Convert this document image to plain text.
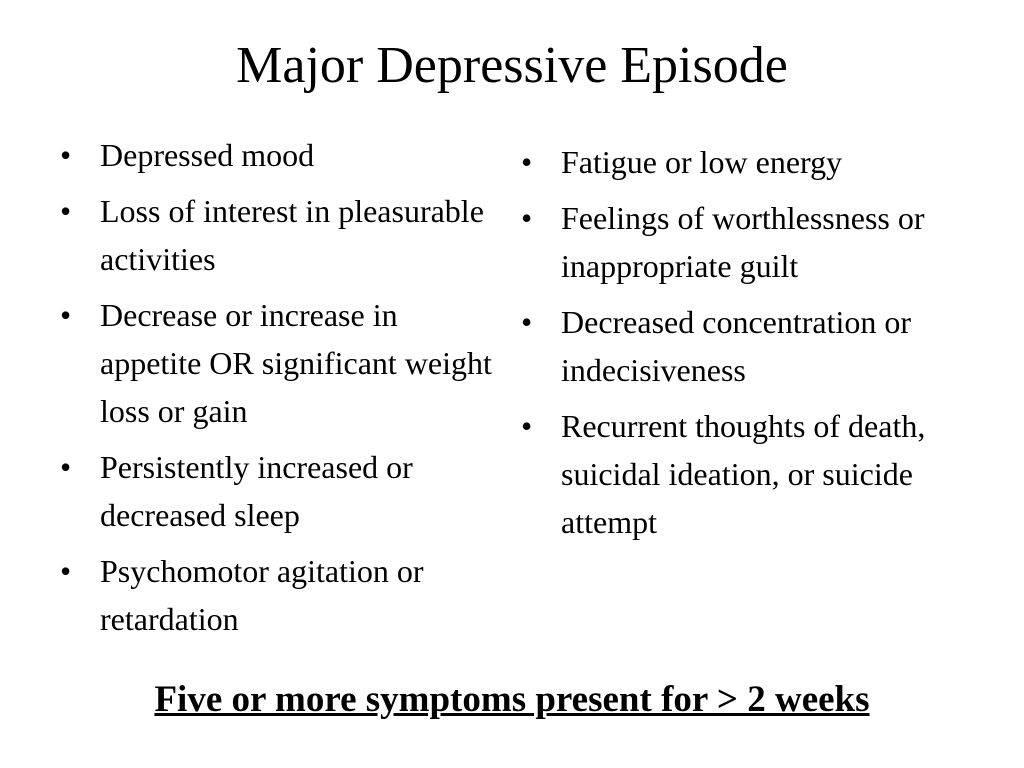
Major Depressive Episode
• Depressed mood
• Loss of interest in pleasurable activities
• Decrease or increase in appetite OR significant weight loss or gain
• Persistently increased or decreased sleep
• Psychomotor agitation or retardation
• Fatigue or low energy
• Feelings of worthlessness or inappropriate guilt
• Decreased concentration or indecisiveness
• Recurrent thoughts of death, suicidal ideation, or suicide attempt
Five or more symptoms present for > 2 weeks
